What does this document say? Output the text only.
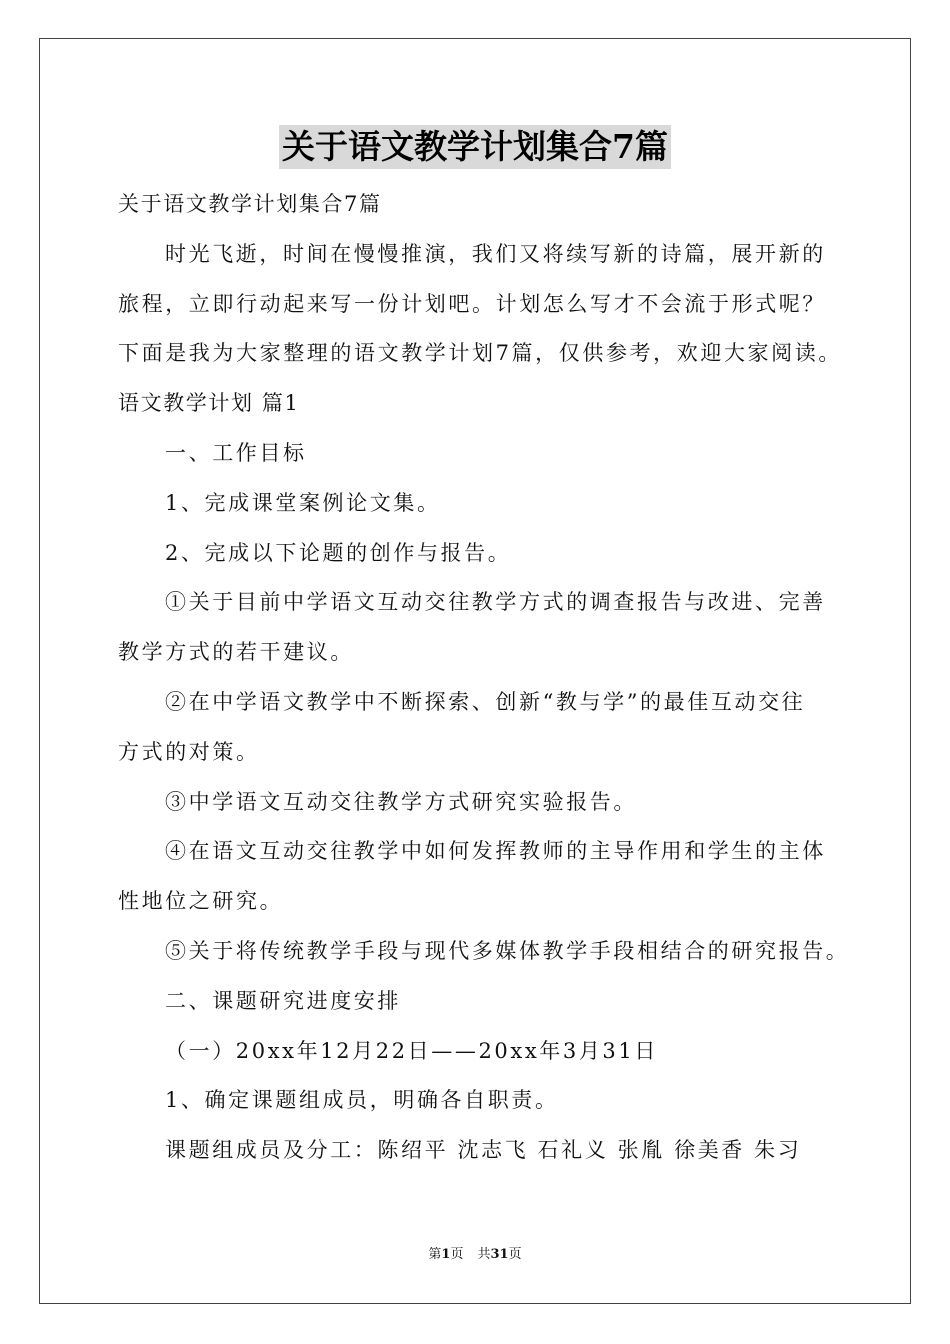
关于语文教学计划集合7篇
关于语文教学计划集合7篇
时光飞逝，时间在慢慢推演，我们又将续写新的诗篇，展开新的
旅程，立即行动起来写一份计划吧。计划怎么写才不会流于形式呢？
下面是我为大家整理的语文教学计划7篇，仅供参考，欢迎大家阅读。
语文教学计划 篇1
一、工作目标
1、完成课堂案例论文集。
2、完成以下论题的创作与报告。
①关于目前中学语文互动交往教学方式的调查报告与改进、完善
教学方式的若干建议。
②在中学语文教学中不断探索、创新“教与学”的最佳互动交往
方式的对策。
③中学语文互动交往教学方式研究实验报告。
④在语文互动交往教学中如何发挥教师的主导作用和学生的主体
性地位之研究。
⑤关于将传统教学手段与现代多媒体教学手段相结合的研究报告。
二、课题研究进度安排
（一）20xx年12月22日——20xx年3月31日
1、确定课题组成员，明确各自职责。
课题组成员及分工：陈绍平 沈志飞 石礼义 张胤 徐美香 朱习
第1页 共31页
